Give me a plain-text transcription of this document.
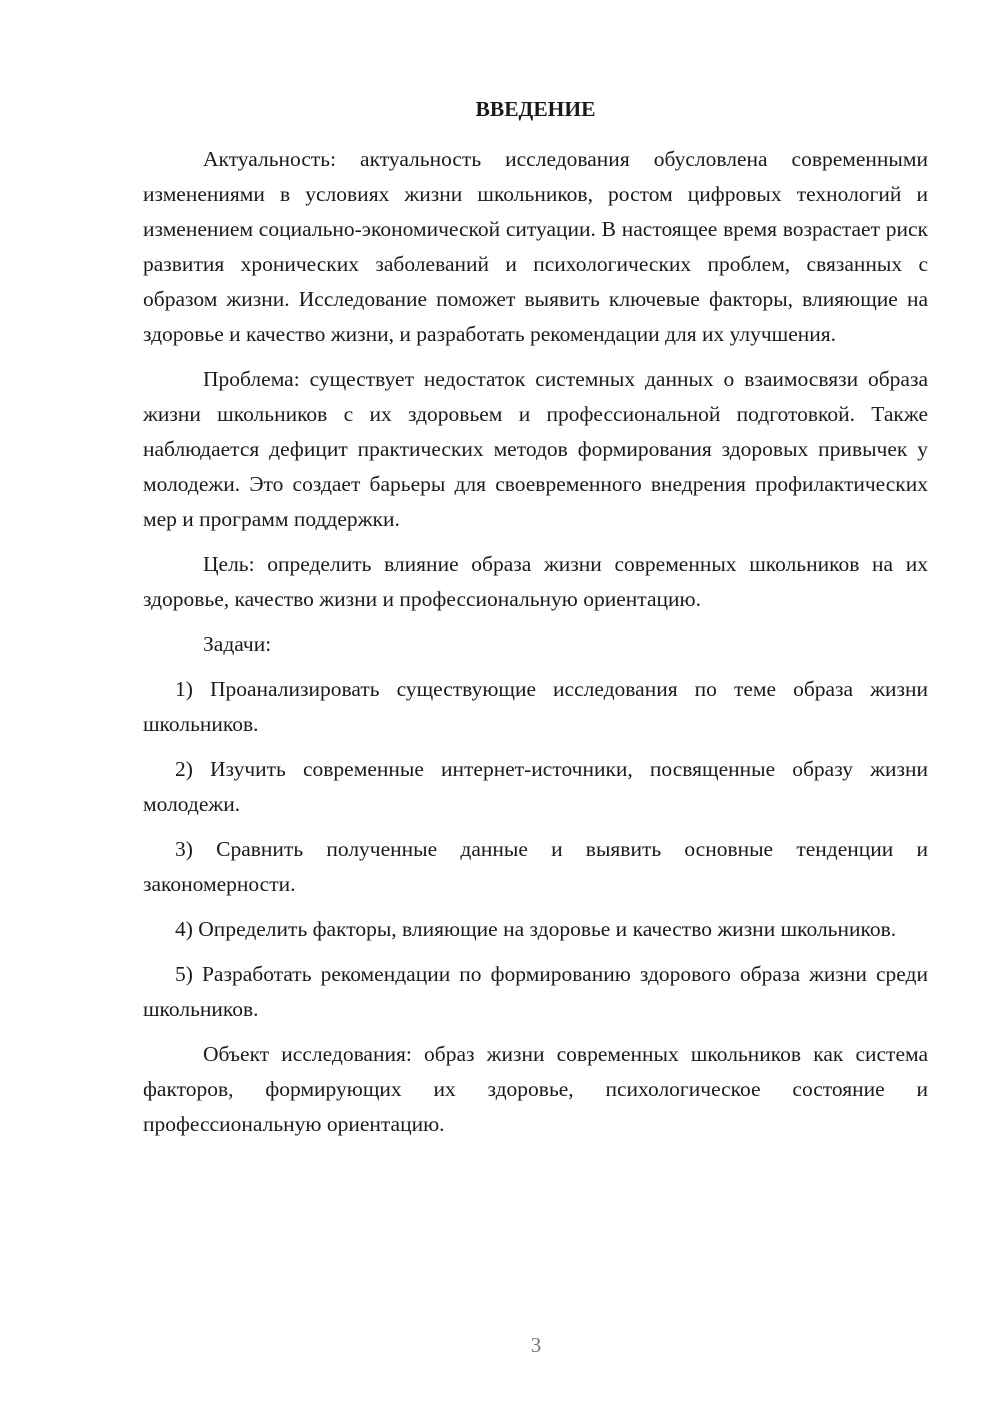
ВВЕДЕНИЕ

Актуальность: актуальность исследования обусловлена современными изменениями в условиях жизни школьников, ростом цифровых технологий и изменением социально-экономической ситуации. В настоящее время возрастает риск развития хронических заболеваний и психологических проблем, связанных с образом жизни. Исследование поможет выявить ключевые факторы, влияющие на здоровье и качество жизни, и разработать рекомендации для их улучшения.

Проблема: существует недостаток системных данных о взаимосвязи образа жизни школьников с их здоровьем и профессиональной подготовкой. Также наблюдается дефицит практических методов формирования здоровых привычек у молодежи. Это создает барьеры для своевременного внедрения профилактических мер и программ поддержки.

Цель: определить влияние образа жизни современных школьников на их здоровье, качество жизни и профессиональную ориентацию.

Задачи:

1) Проанализировать существующие исследования по теме образа жизни школьников.

2) Изучить современные интернет-источники, посвященные образу жизни молодежи.

3) Сравнить полученные данные и выявить основные тенденции и закономерности.

4) Определить факторы, влияющие на здоровье и качество жизни школьников.

5) Разработать рекомендации по формированию здорового образа жизни среди школьников.

Объект исследования: образ жизни современных школьников как система факторов, формирующих их здоровье, психологическое состояние и профессиональную ориентацию.

3
